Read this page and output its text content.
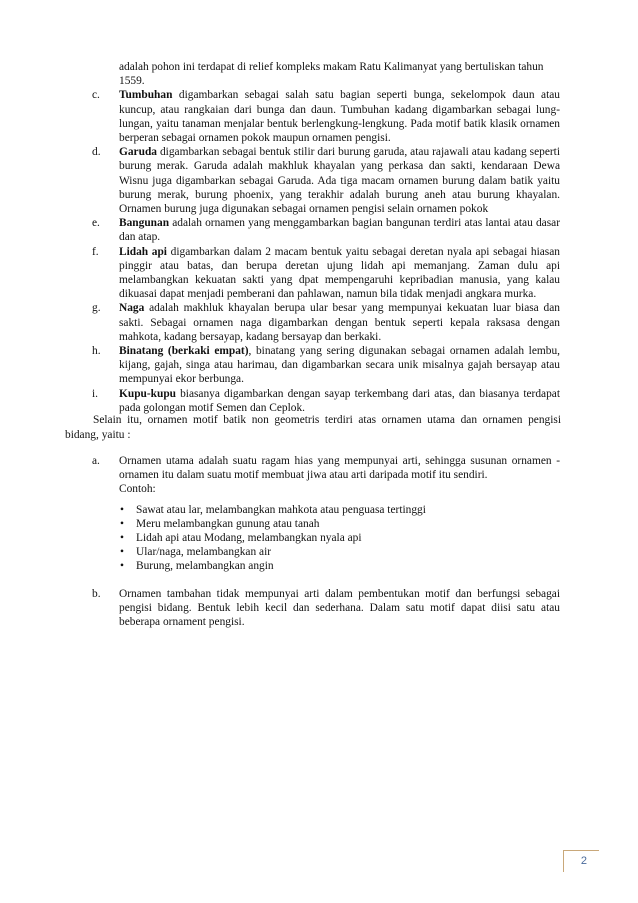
adalah pohon ini terdapat di relief kompleks makam Ratu Kalimanyat yang bertuliskan tahun 1559.
c.	Tumbuhan digambarkan sebagai salah satu bagian seperti bunga, sekelompok daun atau kuncup, atau rangkaian dari bunga dan daun. Tumbuhan kadang digambarkan sebagai lung-lungan, yaitu tanaman menjalar bentuk berlengkung-lengkung. Pada motif batik klasik ornamen berperan sebagai ornamen pokok maupun ornamen pengisi.
d.	Garuda digambarkan sebagai bentuk stilir dari burung garuda, atau rajawali atau kadang seperti burung merak. Garuda adalah makhluk khayalan yang perkasa dan sakti, kendaraan Dewa Wisnu juga digambarkan sebagai Garuda. Ada tiga macam ornamen burung dalam batik yaitu burung merak, burung phoenix, yang terakhir adalah burung aneh atau burung khayalan. Ornamen burung juga digunakan sebagai ornamen pengisi selain ornamen pokok
e.	Bangunan adalah ornamen yang menggambarkan bagian bangunan terdiri atas lantai atau dasar dan atap.
f.	Lidah api digambarkan dalam 2 macam bentuk yaitu sebagai deretan nyala api sebagai hiasan pinggir atau batas, dan berupa deretan ujung lidah api memanjang. Zaman dulu api melambangkan kekuatan sakti yang dpat mempengaruhi kepribadian manusia, yang kalau dikuasai dapat menjadi pemberani dan pahlawan, namun bila tidak menjadi angkara murka.
g.	Naga adalah makhluk khayalan berupa ular besar yang mempunyai kekuatan luar biasa dan sakti. Sebagai ornamen naga digambarkan dengan bentuk seperti kepala raksasa dengan mahkota, kadang bersayap, kadang bersayap dan berkaki.
h.	Binatang (berkaki empat), binatang yang sering digunakan sebagai ornamen adalah lembu, kijang, gajah, singa atau harimau, dan digambarkan secara unik misalnya gajah bersayap atau mempunyai ekor berbunga.
i.	Kupu-kupu biasanya digambarkan dengan sayap terkembang dari atas, dan biasanya terdapat pada golongan motif Semen dan Ceplok.

Selain itu, ornamen motif batik non geometris terdiri atas ornamen utama dan ornamen pengisi bidang, yaitu :

a.	Ornamen utama adalah suatu ragam hias yang mempunyai arti, sehingga susunan ornamen - ornamen itu dalam suatu motif membuat jiwa atau arti daripada motif itu sendiri.
Contoh:
• Sawat atau lar, melambangkan mahkota atau penguasa tertinggi
• Meru melambangkan gunung atau tanah
• Lidah api atau Modang, melambangkan nyala api
• Ular/naga, melambangkan air
• Burung, melambangkan angin
b.	Ornamen tambahan tidak mempunyai arti dalam pembentukan motif dan berfungsi sebagai pengisi bidang. Bentuk lebih kecil dan sederhana. Dalam satu motif dapat diisi satu atau beberapa ornament pengisi.
2
